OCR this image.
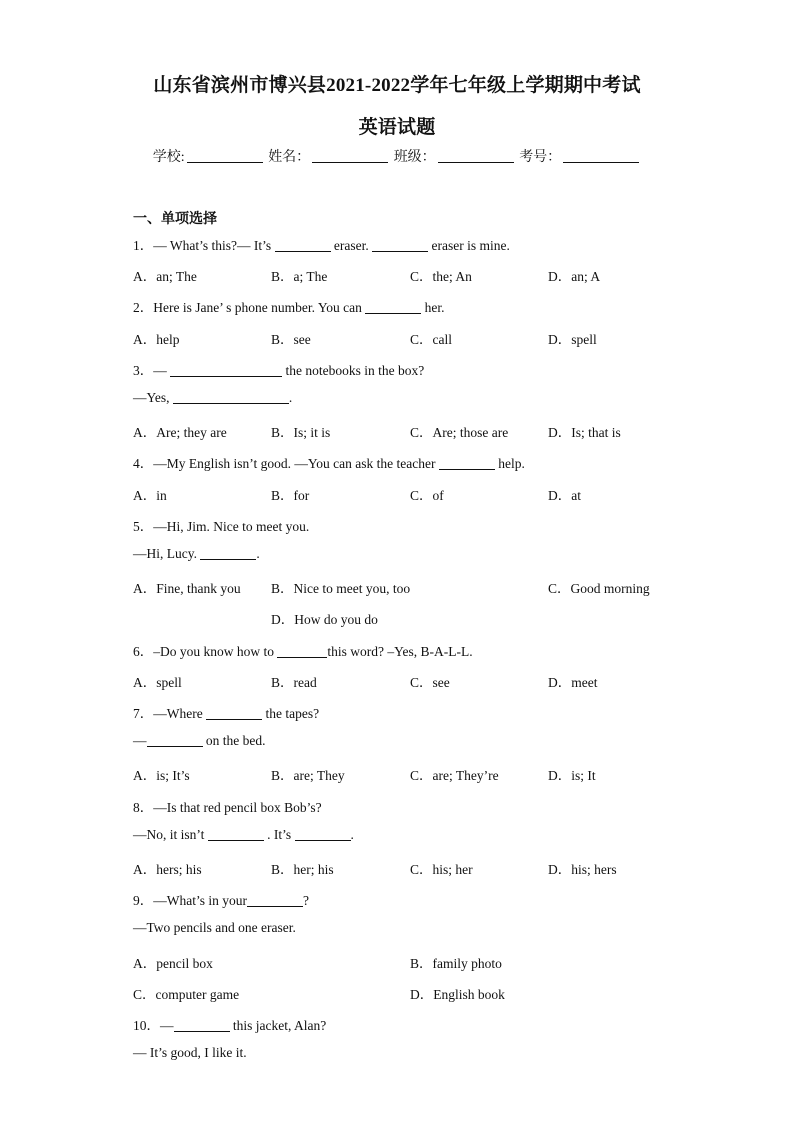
山东省滨州市博兴县2021-2022学年七年级上学期期中考试
英语试题
学校:	姓名：	班级：	考号：
一、单项选择
1．— What’s this?— It’s	eraser.	eraser is mine.
A．an; The	B．a; The	C．the; An	D．an; A
2．Here is Jane’ s phone number. You can	her.
A．help	B．see	C．call	D．spell
3．—	the notebooks in the box?
—Yes,	.
A．Are; they are	B．Is; it is	C．Are; those are	D．Is; that is
4．—My English isn’t good. —You can ask the teacher	help.
A．in	B．for	C．of	D．at
5．—Hi, Jim. Nice to meet you.
—Hi, Lucy.	.
A．Fine, thank you B．Nice to meet you, too	C．Good morning
D．How do you do
6．–Do you know how to	this word? –Yes, B-A-L-L.
A．spell	B．read	C．see	D．meet
7．—Where	the tapes?
—	on the bed.
A．is; It’s	B．are; They	C．are; They’re	D．is; It
8．—Is that red pencil box Bob’s?
—No, it isn’t	. It’s	.
A．hers; his	B．her; his	C．his; her	D．his; hers
9．—What’s in your	?
—Two pencils and one eraser.
A．pencil box	B．family photo
C．computer game	D．English book
10．—	this jacket, Alan?
— It’s good, I like it.
